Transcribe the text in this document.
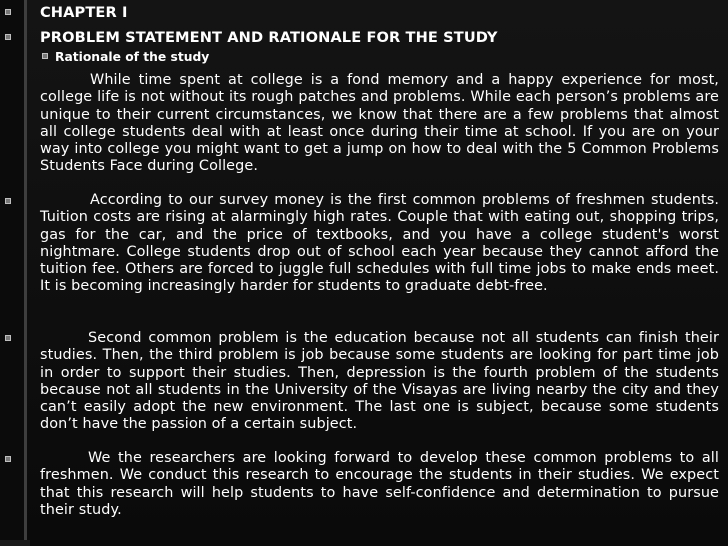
CHAPTER I
PROBLEM STATEMENT AND RATIONALE FOR THE STUDY
Rationale of the study
While time spent at college is a fond memory and a happy experience for most, college life is not without its rough patches and problems. While each person’s problems are unique to their current circumstances, we know that there are a few problems that almost all college students deal with at least once during their time at school. If you are on your way into college you might want to get a jump on how to deal with the 5 Common Problems Students Face during College.
According to our survey money is the first common problems of freshmen students. Tuition costs are rising at alarmingly high rates. Couple that with eating out, shopping trips, gas for the car, and the price of textbooks, and you have a college student's worst nightmare. College students drop out of school each year because they cannot afford the tuition fee. Others are forced to juggle full schedules with full time jobs to make ends meet. It is becoming increasingly harder for students to graduate debt-free.
Second common problem is the education because not all students can finish their studies. Then, the third problem is job because some students are looking for part time job in order to support their studies. Then, depression is the fourth problem of the students because not all students in the University of the Visayas are living nearby the city and they can’t easily adopt the new environment. The last one is subject, because some students don’t have the passion of a certain subject.
We the researchers are looking forward to develop these common problems to all freshmen. We conduct this research to encourage the students in their studies. We expect that this research will help students to have self-confidence and determination to pursue their study.
